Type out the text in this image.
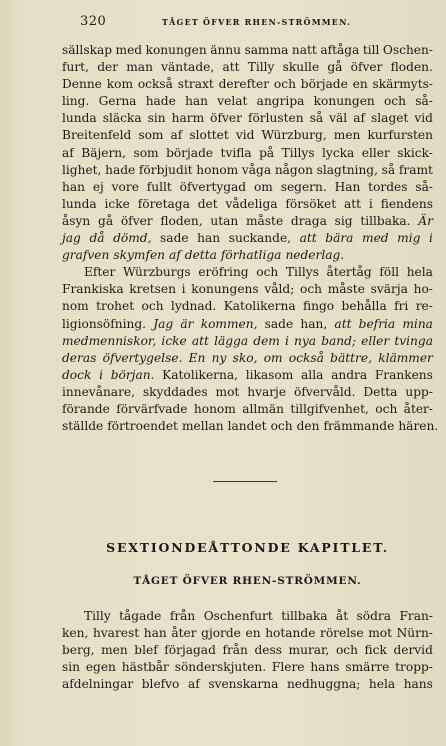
320	TÅGET ÖFVER RHEN-STRÖMMEN.
sällskap med konungen ännu samma natt aftåga till Oschen-
furt, der man väntade, att Tilly skulle gå öfver floden.
Denne kom också straxt derefter och började en skärmyts-
ling. Gerna hade han velat angripa konungen och så-
lunda släcka sin harm öfver förlusten så väl af slaget vid
Breitenfeld som af slottet vid Würzburg, men kurfursten
af Bäjern, som började tvifla på Tillys lycka eller skick-
lighet, hade förbjudit honom våga någon slagtning, så framt
han ej vore fullt öfvertygad om segern. Han tordes så-
lunda icke företaga det vådeliga försöket att i fiendens
åsyn gå öfver floden, utan måste draga sig tillbaka. Är
jag då dömd, sade han suckande, att bära med mig i
grafven skymfen af detta förhatliga nederlag.
Efter Würzburgs eröfring och Tillys återtåg föll hela
Frankiska kretsen i konungens våld; och måste svärja ho-
nom trohet och lydnad. Katolikerna fingo behålla fri re-
ligionsöfning. Jag är kommen, sade han, att befria mina
medmenniskor, icke att lägga dem i nya band; eller tvinga
deras öfvertygelse. En ny sko, om också bättre, klämmer
dock i början. Katolikerna, likasom alla andra Frankens
innevånare, skyddades mot hvarje öfvervåld. Detta upp-
förande förvärfvade honom allmän tillgifvenhet, och åter-
ställde förtroendet mellan landet och den främmande hären.
SEXTIONDEÅTTONDE KAPITLET.
TÅGET ÖFVER RHEN-STRÖMMEN.
Tilly tågade från Oschenfurt tillbaka åt södra Fran-
ken, hvarest han åter gjorde en hotande rörelse mot Nürn-
berg, men blef förjagad från dess murar, och fick dervid
sin egen hästbår sönderskjuten. Flere hans smärre tropp-
afdelningar blefvo af svenskarna nedhuggna; hela hans
